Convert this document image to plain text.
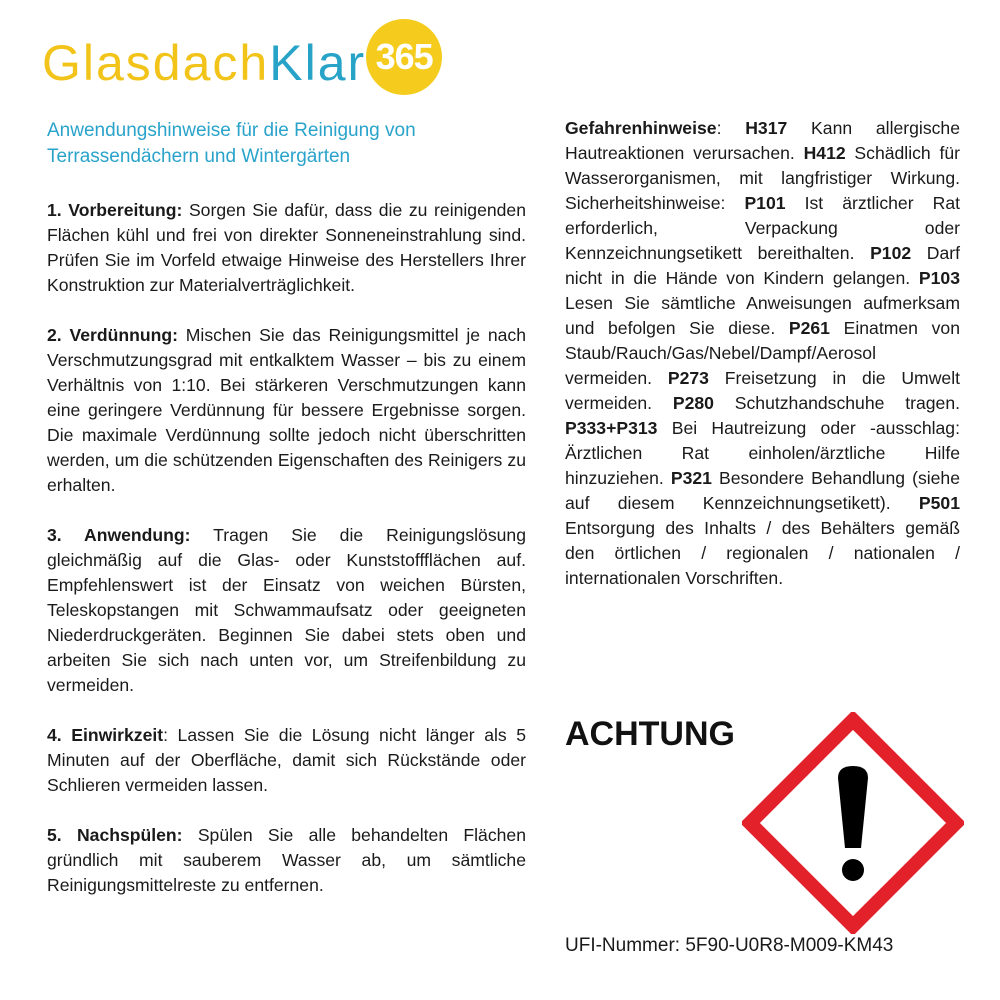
Glasdach Klar 365
Anwendungshinweise für die Reinigung von Terrassendächern und Wintergärten

1. Vorbereitung: Sorgen Sie dafür, dass die zu reinigenden Flächen kühl und frei von direkter Sonneneinstrahlung sind. Prüfen Sie im Vorfeld etwaige Hinweise des Herstellers Ihrer Konstruktion zur Materialverträglichkeit.

2. Verdünnung: Mischen Sie das Reinigungsmittel je nach Verschmutzungsgrad mit entkalktem Wasser – bis zu einem Verhältnis von 1:10. Bei stärkeren Verschmutzungen kann eine geringere Verdünnung für bessere Ergebnisse sorgen. Die maximale Verdünnung sollte jedoch nicht überschritten werden, um die schützenden Eigenschaften des Reinigers zu erhalten.

3. Anwendung: Tragen Sie die Reinigungslösung gleichmäßig auf die Glas- oder Kunststoffflächen auf. Empfehlenswert ist der Einsatz von weichen Bürsten, Teleskopstangen mit Schwammaufsatz oder geeigneten Niederdruckgeräten. Beginnen Sie dabei stets oben und arbeiten Sie sich nach unten vor, um Streifenbildung zu vermeiden.

4. Einwirkzeit: Lassen Sie die Lösung nicht länger als 5 Minuten auf der Oberfläche, damit sich Rückstände oder Schlieren vermeiden lassen.

5. Nachspülen: Spülen Sie alle behandelten Flächen gründlich mit sauberem Wasser ab, um sämtliche Reinigungsmittelreste zu entfernen.

Gefahrenhinweise: H317 Kann allergische Hautreaktionen verursachen. H412 Schädlich für Wasserorganismen, mit langfristiger Wirkung. Sicherheitshinweise: P101 Ist ärztlicher Rat erforderlich, Verpackung oder Kennzeichnungsetikett bereithalten. P102 Darf nicht in die Hände von Kindern gelangen. P103 Lesen Sie sämtliche Anweisungen aufmerksam und befolgen Sie diese. P261 Einatmen von Staub/Rauch/Gas/Nebel/Dampf/Aerosol vermeiden. P273 Freisetzung in die Umwelt vermeiden. P280 Schutzhandschuhe tragen. P333+P313 Bei Hautreizung oder -ausschlag: Ärztlichen Rat einholen/ärztliche Hilfe hinzuziehen. P321 Besondere Behandlung (siehe auf diesem Kennzeichnungsetikett). P501 Entsorgung des Inhalts / des Behälters gemäß den örtlichen / regionalen / nationalen / internationalen Vorschriften.
ACHTUNG
UFI-Nummer: 5F90-U0R8-M009-KM43
